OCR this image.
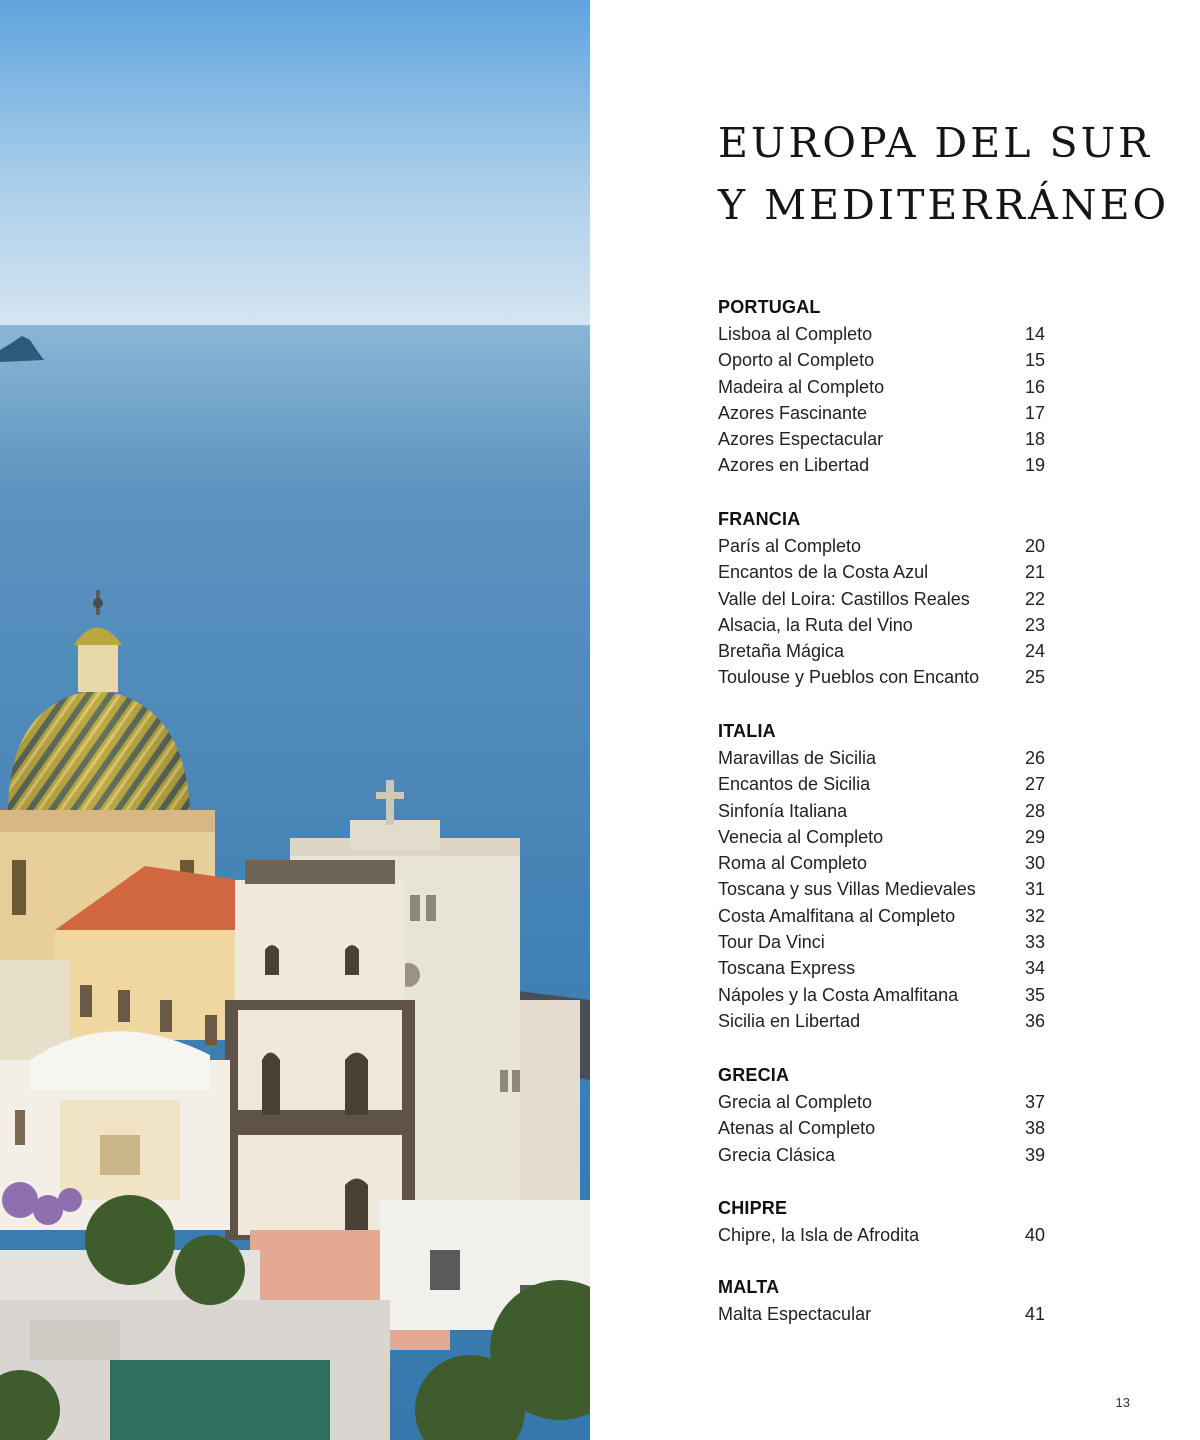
EUROPA DEL SUR
Y MEDITERRÁNEO
PORTUGAL
Lisboa al Completo	14
Oporto al Completo	15
Madeira al Completo	16
Azores Fascinante	17
Azores Espectacular	18
Azores en Libertad	19
FRANCIA
París al Completo	20
Encantos de la Costa Azul	21
Valle del Loira: Castillos Reales	22
Alsacia, la Ruta del Vino	23
Bretaña Mágica	24
Toulouse y Pueblos con Encanto	25
ITALIA
Maravillas de Sicilia	26
Encantos de Sicilia	27
Sinfonía Italiana	28
Venecia al Completo	29
Roma al Completo	30
Toscana y sus Villas Medievales	31
Costa Amalfitana al Completo	32
Tour Da Vinci	33
Toscana Express	34
Nápoles y la Costa Amalfitana	35
Sicilia en Libertad	36
GRECIA
Grecia al Completo	37
Atenas al Completo	38
Grecia Clásica	39
CHIPRE
Chipre, la Isla de Afrodita	40
MALTA
Malta Espectacular	41
13
